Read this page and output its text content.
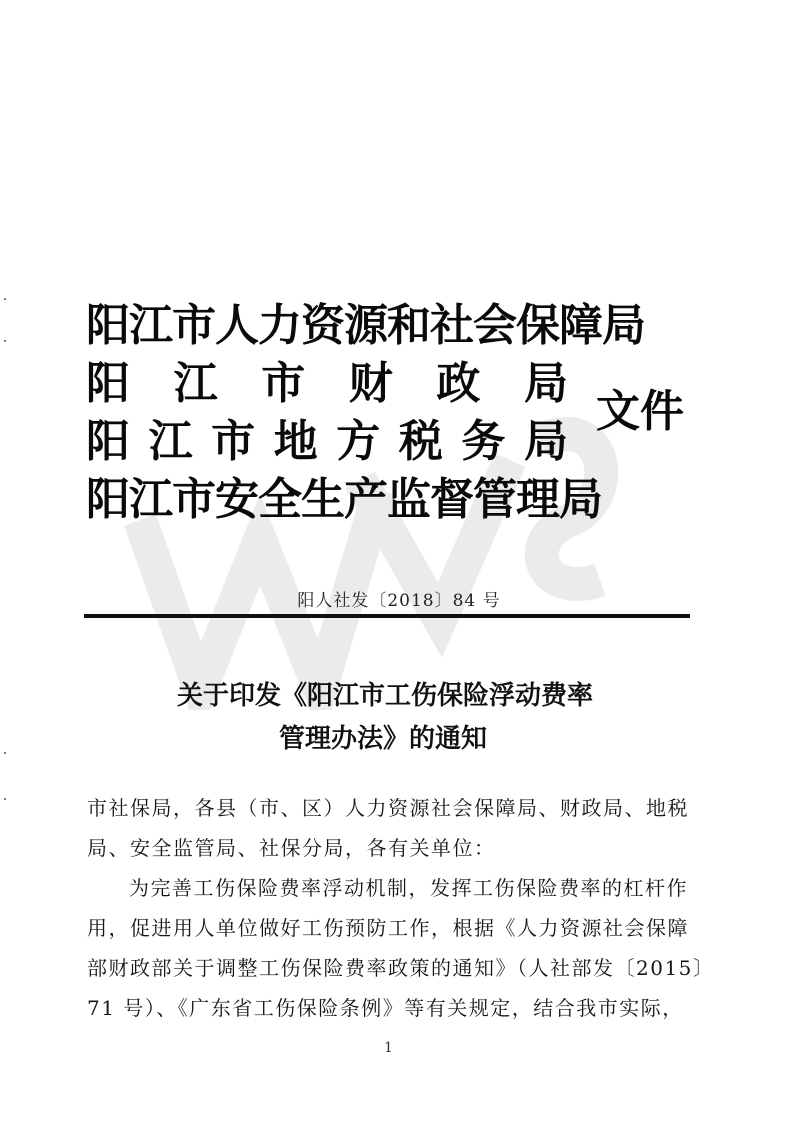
阳江市人力资源和社会保障局
阳 江 市 财 政 局
阳 江 市 地 方 税 务 局
阳江市安全生产监督管理局
文件
阳人社发〔2018〕84 号
关于印发《阳江市工伤保险浮动费率
管理办法》的通知

市社保局，各县（市、区）人力资源社会保障局、财政局、地税

局、安全监管局、社保分局，各有关单位：

为完善工伤保险费率浮动机制，发挥工伤保险费率的杠杆作

用，促进用人单位做好工伤预防工作，根据《人力资源社会保障

部财政部关于调整工伤保险费率政策的通知》（人社部发〔2015〕

71 号）、《广东省工伤保险条例》等有关规定，结合我市实际，

1
